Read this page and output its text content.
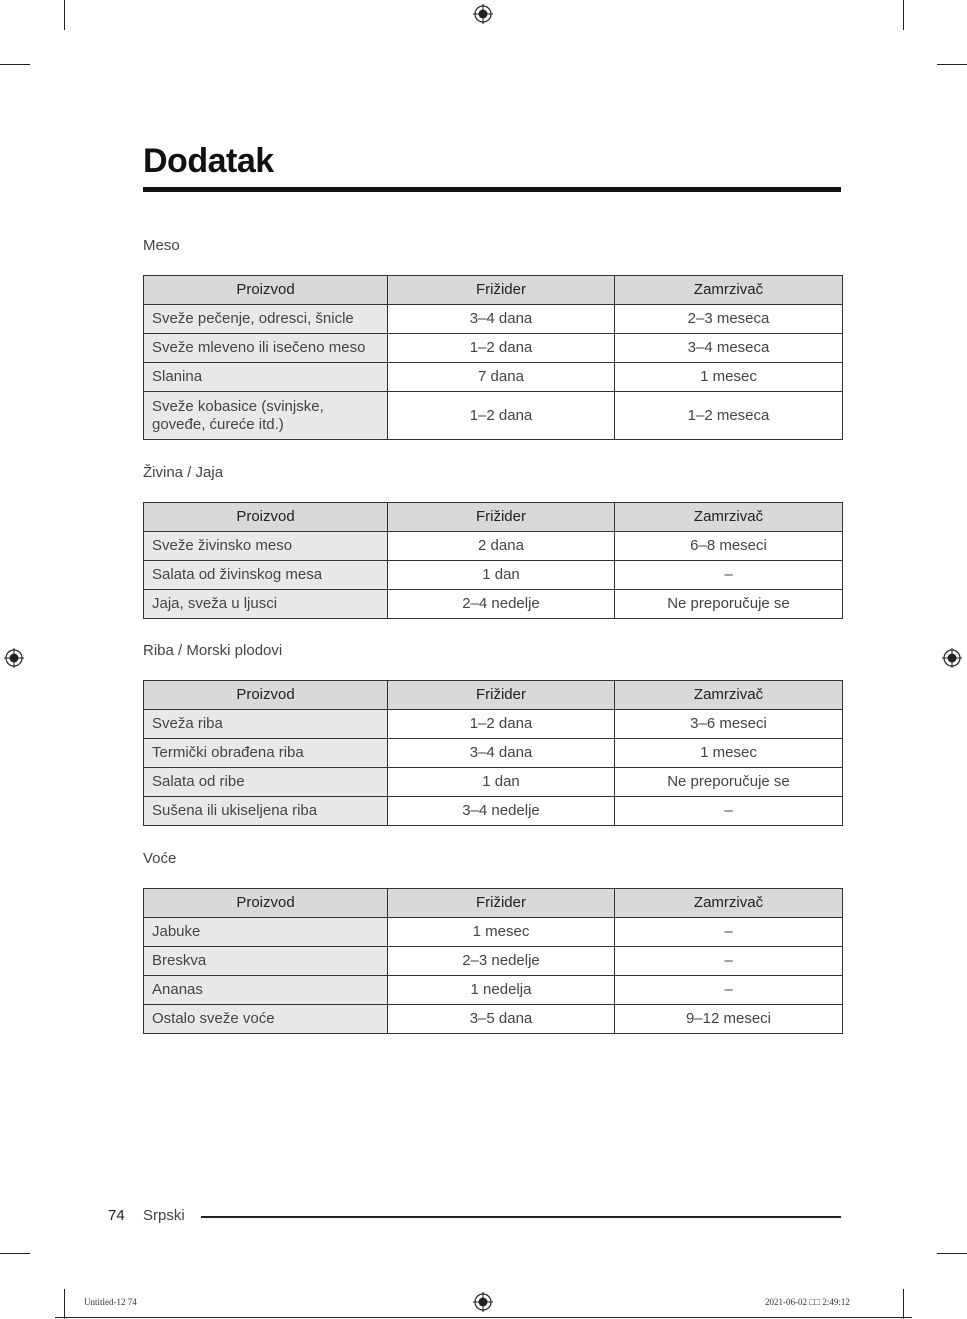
Dodatak
Meso
Proizvod	Frižider	Zamrzivač
Sveže pečenje, odresci, šnicle	3–4 dana	2–3 meseca
Sveže mleveno ili isečeno meso	1–2 dana	3–4 meseca
Slanina	7 dana	1 mesec
Sveže kobasice (svinjske, goveđe, ćureće itd.)	1–2 dana	1–2 meseca
Živina / Jaja
Proizvod	Frižider	Zamrzivač
Sveže živinsko meso	2 dana	6–8 meseci
Salata od živinskog mesa	1 dan	–
Jaja, sveža u ljusci	2–4 nedelje	Ne preporučuje se
Riba / Morski plodovi
Proizvod	Frižider	Zamrzivač
Sveža riba	1–2 dana	3–6 meseci
Termički obrađena riba	3–4 dana	1 mesec
Salata od ribe	1 dan	Ne preporučuje se
Sušena ili ukiseljena riba	3–4 nedelje	–
Voće
Proizvod	Frižider	Zamrzivač
Jabuke	1 mesec	–
Breskva	2–3 nedelje	–
Ananas	1 nedelja	–
Ostalo sveže voće	3–5 dana	9–12 meseci
74 Srpski
Untitled-12 74	2021-06-02 □□ 2:49:12
